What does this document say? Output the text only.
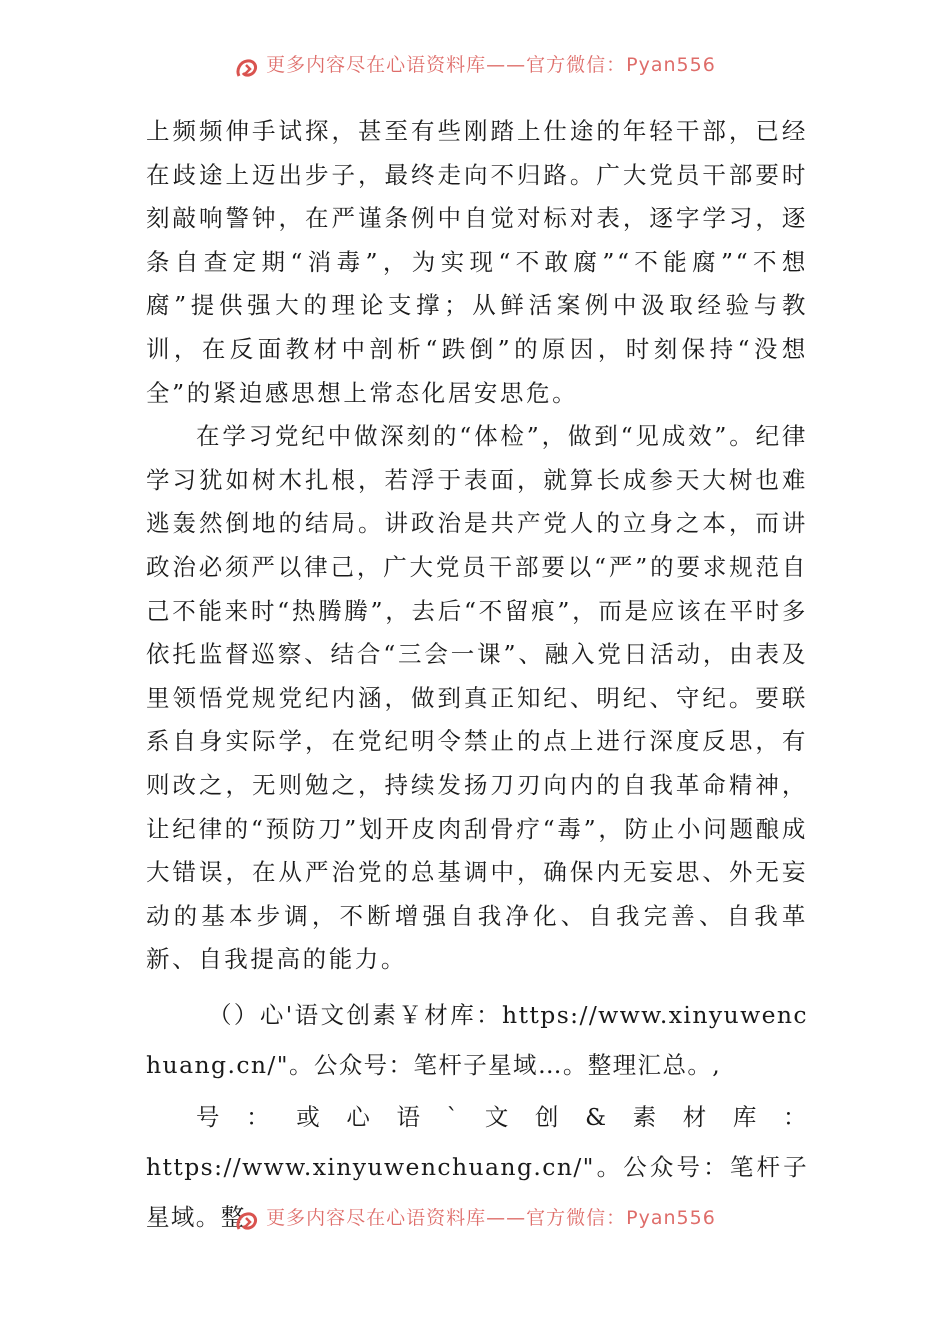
更多内容尽在心语资料库——官方微信：Pyan556

上频频伸手试探，甚至有些刚踏上仕途的年轻干部，已经在歧途上迈出步子，最终走向不归路。广大党员干部要时刻敲响警钟，在严谨条例中自觉对标对表，逐字学习，逐条自查定期“消毒”，为实现“不敢腐”“不能腐”“不想腐”提供强大的理论支撑；从鲜活案例中汲取经验与教训，在反面教材中剖析“跌倒”的原因，时刻保持“没想全”的紧迫感思想上常态化居安思危。

在学习党纪中做深刻的“体检”，做到“见成效”。纪律学习犹如树木扎根，若浮于表面，就算长成参天大树也难逃轰然倒地的结局。讲政治是共产党人的立身之本，而讲政治必须严以律己，广大党员干部要以“严”的要求规范自己不能来时“热腾腾”，去后“不留痕”，而是应该在平时多依托监督巡察、结合“三会一课”、融入党日活动，由表及里领悟党规党纪内涵，做到真正知纪、明纪、守纪。要联系自身实际学，在党纪明令禁止的点上进行深度反思，有则改之，无则勉之，持续发扬刀刃向内的自我革命精神，让纪律的“预防刀”划开皮肉刮骨疗“毒”，防止小问题酿成大错误，在从严治党的总基调中，确保内无妄思、外无妄动的基本步调，不断增强自我净化、自我完善、自我革新、自我提高的能力。

（）心'语文创素￥材库：https://www.xinyuwenchuang.cn/"。公众号：笔杆子星域…。整理汇总。,

号 ： 或 心 语 ` 文 创 & 素 材 库 ：
https://www.xinyuwenchuang.cn/"。公众号：笔杆子星域。整	更多内容尽在心语资料库——官方微信：Pyan556
